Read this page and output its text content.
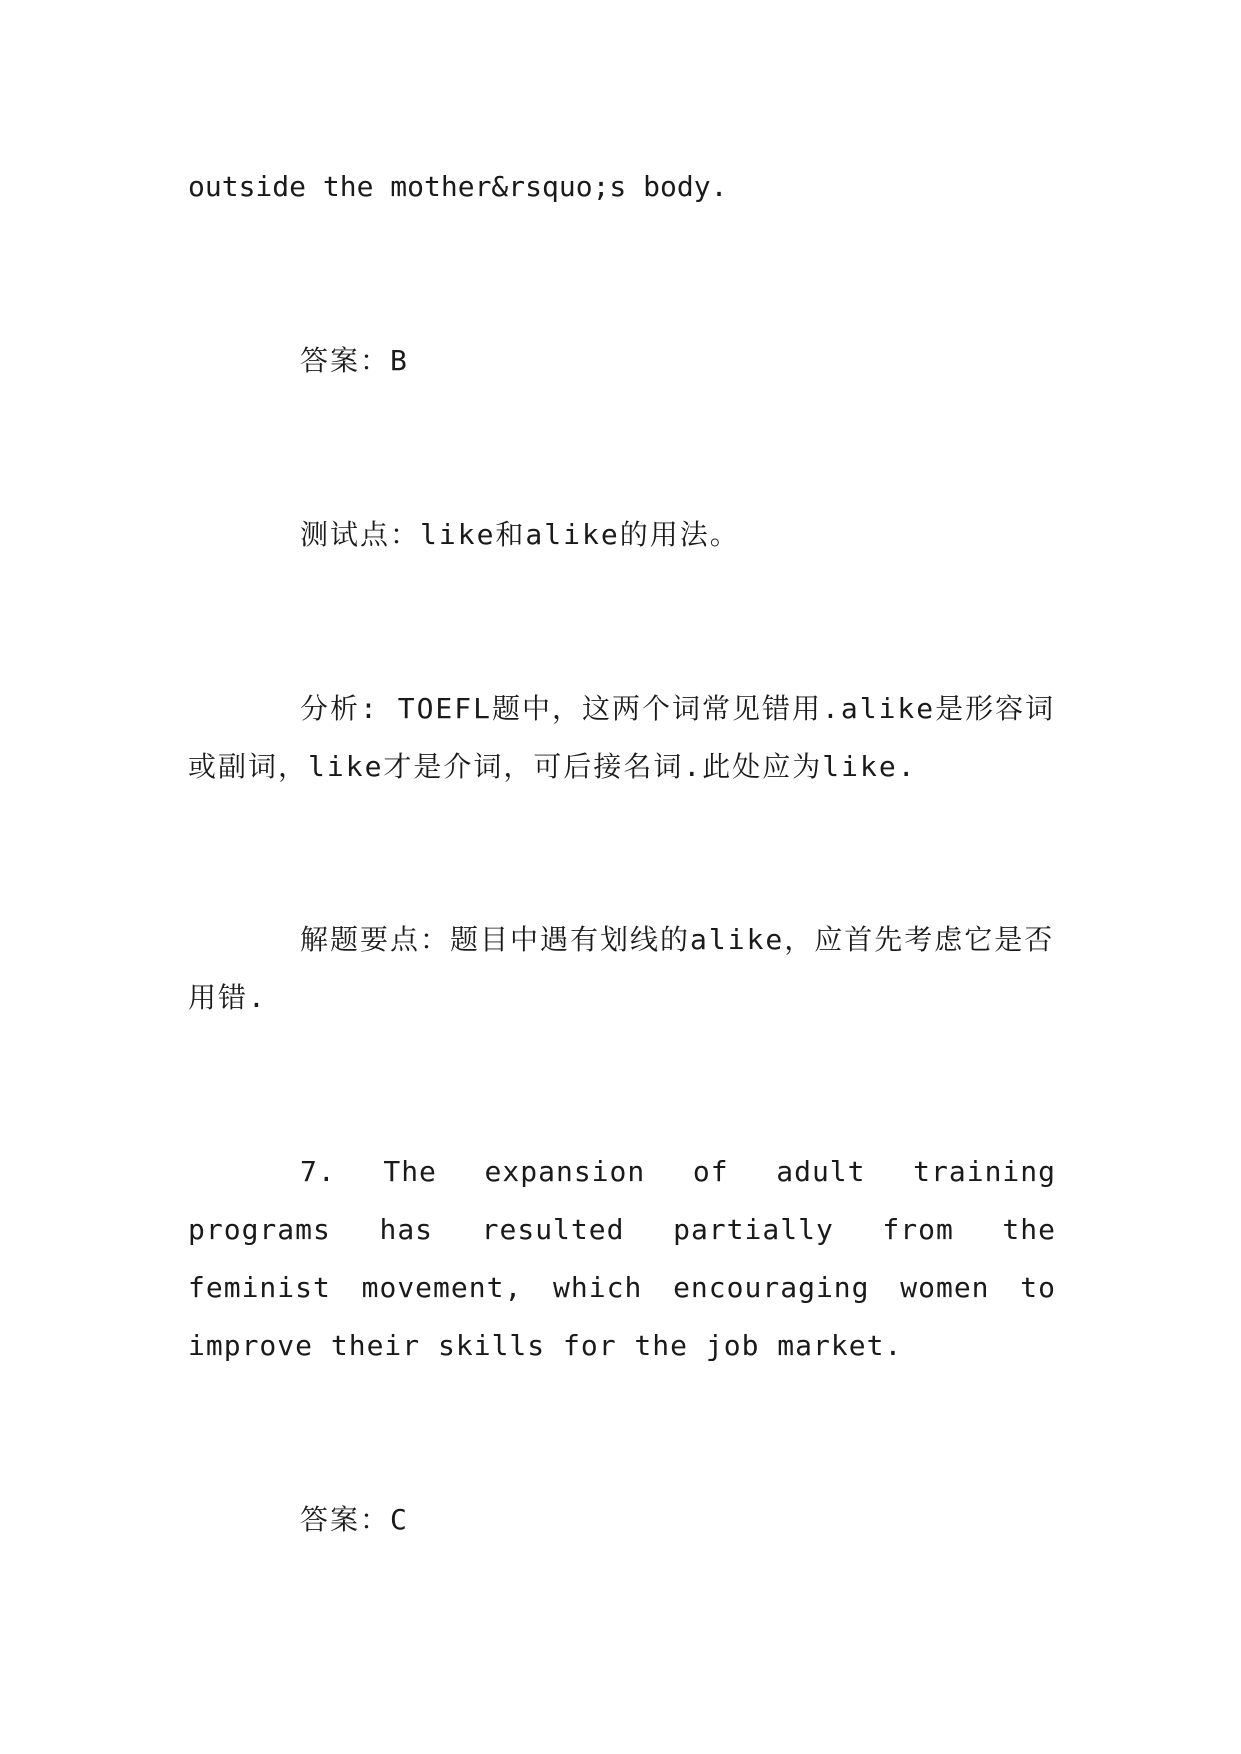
outside the mother&rsquo;s body.

答案：B

测试点：like和alike的用法。

分析: TOEFL题中，这两个词常见错用.alike是形容词或副词，like才是介词，可后接名词.此处应为like.

解题要点：题目中遇有划线的alike，应首先考虑它是否用错.

7. The expansion of adult training programs has resulted partially from the feminist movement, which encouraging women to improve their skills for the job market.

答案：C
